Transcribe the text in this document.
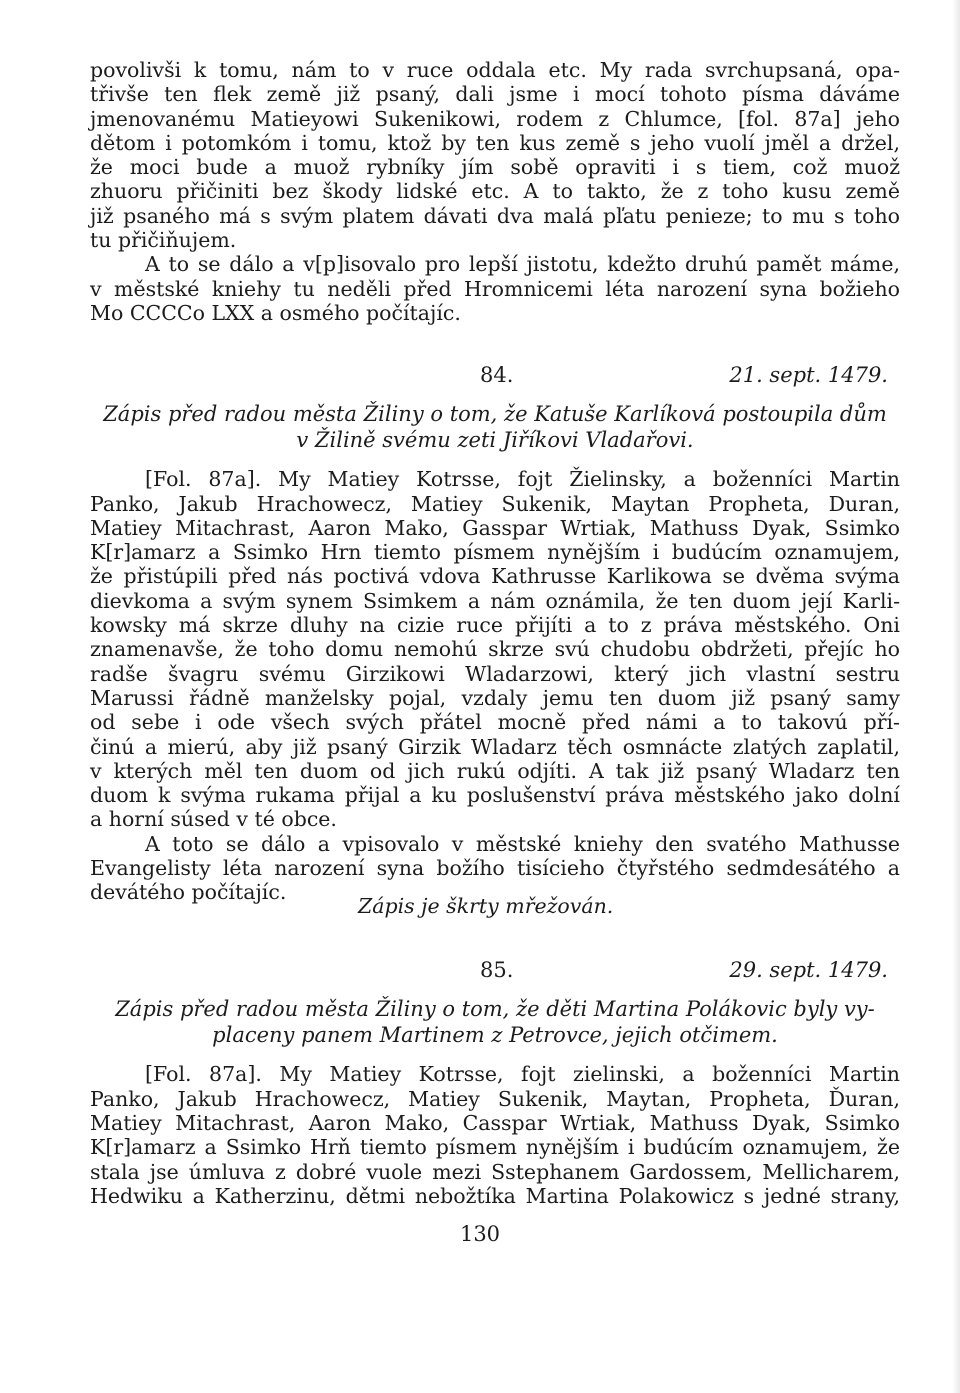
povolivši k tomu, nám to v ruce oddala etc. My rada svrchupsaná, opa-
třivše ten flek země již psaný, dali jsme i mocí tohoto písma dáváme
jmenovanému Matieyowi Sukenikowi, rodem z Chlumce, [fol. 87a] jeho
dětom i potomkóm i tomu, ktož by ten kus země s jeho vuolí jměl a držel,
že moci bude a muož rybníky jím sobě opraviti i s tiem, což muož
zhuoru přičiniti bez škody lidské etc. A to takto, že z toho kusu země
již psaného má s svým platem dávati dva malá pľatu penieze; to mu s toho
tu přičiňujem.
A to se dálo a v[p]isovalo pro lepší jistotu, kdežto druhú pamět máme,
v městské kniehy tu neděli před Hromnicemi léta narození syna božieho
Mo CCCCo LXX a osmého počítajíc.
84.	21. sept. 1479.
Zápis před radou města Žiliny o tom, že Katuše Karlíková postoupila dům
v Žilině svému zeti Jiříkovi Vladařovi.
[Fol. 87a]. My Matiey Kotrsse, fojt Žielinsky, a boženníci Martin
Panko, Jakub Hrachowecz, Matiey Sukenik, Maytan Propheta, Duran,
Matiey Mitachrast, Aaron Mako, Gasspar Wrtiak, Mathuss Dyak, Ssimko
K[r]amarz a Ssimko Hrn tiemto písmem nynějším i budúcím oznamujem,
že přistúpili před nás poctivá vdova Kathrusse Karlikowa se dvěma svýma
dievkoma a svým synem Ssimkem a nám oznámila, že ten duom její Karli-
kowsky má skrze dluhy na cizie ruce přijíti a to z práva městského. Oni
znamenavše, že toho domu nemohú skrze svú chudobu obdržeti, přejíc ho
radše švagru svému Girzikowi Wladarzowi, který jich vlastní sestru
Marussi řádně manželsky pojal, vzdaly jemu ten duom již psaný samy
od sebe i ode všech svých přátel mocně před námi a to takovú pří-
činú a mierú, aby již psaný Girzik Wladarz těch osmnácte zlatých zaplatil,
v kterých měl ten duom od jich rukú odjíti. A tak již psaný Wladarz ten
duom k svýma rukama přijal a ku poslušenství práva městského jako dolní
a horní súsed v té obce.
A toto se dálo a vpisovalo v městské kniehy den svatého Mathusse
Evangelisty léta narození syna božího tisícieho čtyřstého sedmdesátého a
devátého počítajíc.
Zápis je škrty mřežován.
85.	29. sept. 1479.
Zápis před radou města Žiliny o tom, že děti Martina Polákovic byly vy-
placeny panem Martinem z Petrovce, jejich otčimem.
[Fol. 87a]. My Matiey Kotrsse, fojt zielinski, a boženníci Martin
Panko, Jakub Hrachowecz, Matiey Sukenik, Maytan, Propheta, Ďuran,
Matiey Mitachrast, Aaron Mako, Casspar Wrtiak, Mathuss Dyak, Ssimko
K[r]amarz a Ssimko Hrň tiemto písmem nynějším i budúcím oznamujem, že
stala jse úmluva z dobré vuole mezi Sstephanem Gardossem, Mellicharem,
Hedwiku a Katherzinu, dětmi nebožtíka Martina Polakowicz s jedné strany,
130
